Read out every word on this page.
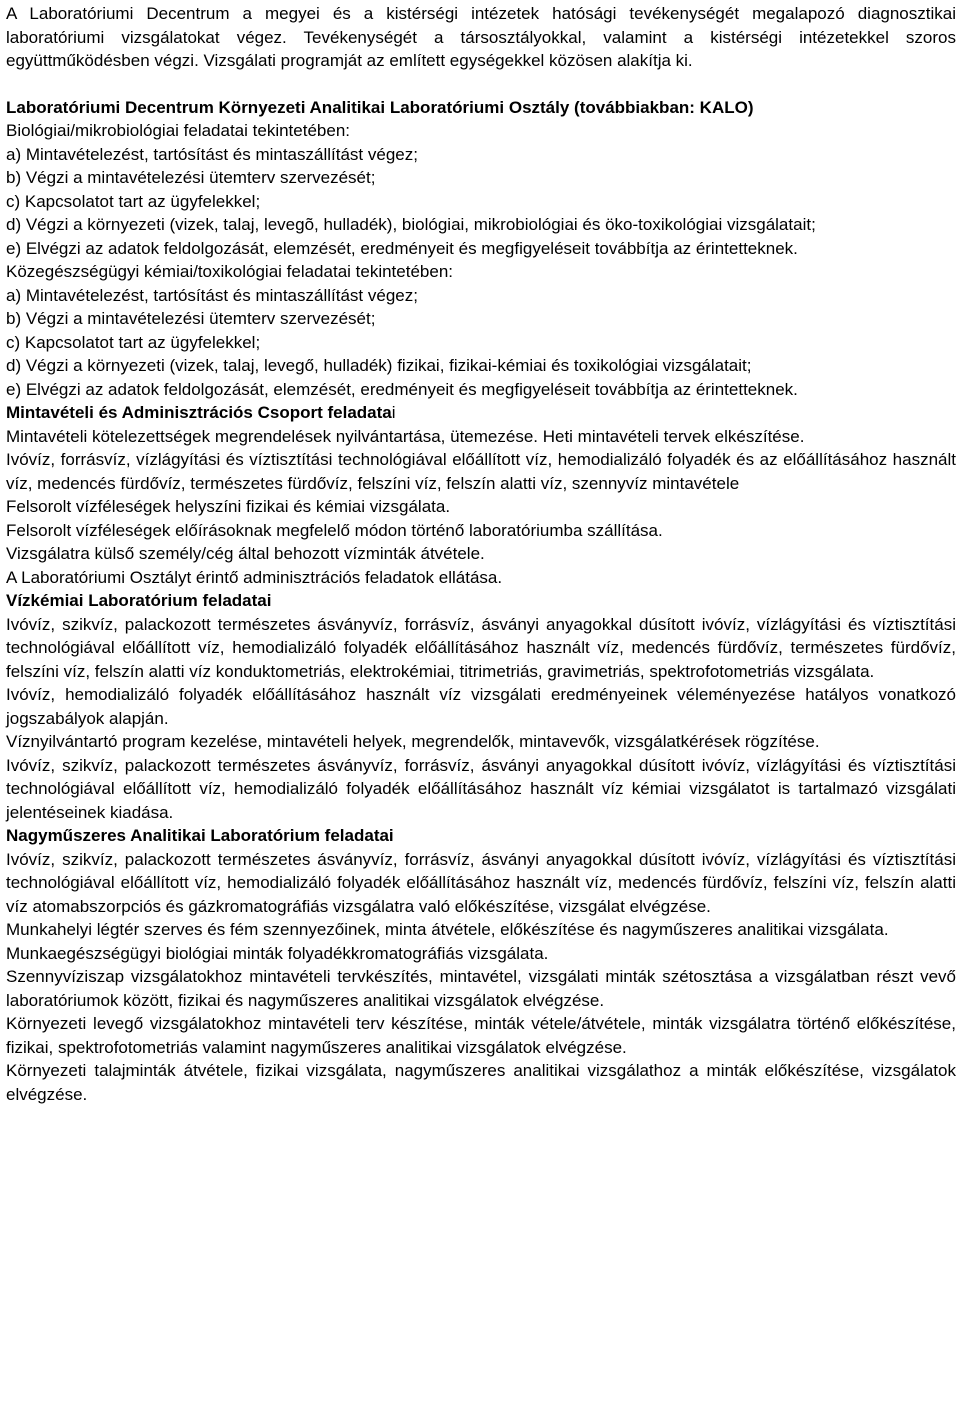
A Laboratóriumi Decentrum a megyei és a kistérségi intézetek hatósági tevékenységét megalapozó diagnosztikai laboratóriumi vizsgálatokat végez. Tevékenységét a társosztályokkal, valamint a kistérségi intézetekkel szoros együttműködésben végzi. Vizsgálati programját az említett egységekkel közösen alakítja ki.

Laboratóriumi Decentrum Környezeti Analitikai Laboratóriumi Osztály (továbbiakban: KALO)

Biológiai/mikrobiológiai feladatai tekintetében:

a) Mintavételezést, tartósítást és mintaszállítást végez;

b) Végzi a mintavételezési ütemterv szervezését;

c) Kapcsolatot tart az ügyfelekkel;

d) Végzi a környezeti (vizek, talaj, levegõ, hulladék), biológiai, mikrobiológiai és öko-toxikológiai vizsgálatait;

e) Elvégzi az adatok feldolgozását, elemzését, eredményeit és megfigyeléseit továbbítja az érintetteknek.

Közegészségügyi kémiai/toxikológiai feladatai tekintetében:

a) Mintavételezést, tartósítást és mintaszállítást végez;

b) Végzi a mintavételezési ütemterv szervezését;

c) Kapcsolatot tart az ügyfelekkel;

d) Végzi a környezeti (vizek, talaj, levegő, hulladék) fizikai, fizikai-kémiai és toxikológiai vizsgálatait;

e) Elvégzi az adatok feldolgozását, elemzését, eredményeit és megfigyeléseit továbbítja az érintetteknek.

Mintavételi és Adminisztrációs Csoport feladatai

Mintavételi kötelezettségek megrendelések nyilvántartása, ütemezése. Heti mintavételi tervek elkészítése.

Ivóvíz, forrásvíz, vízlágyítási és víztisztítási technológiával előállított víz, hemodializáló folyadék és az előállításához használt víz, medencés fürdővíz, természetes fürdővíz, felszíni víz, felszín alatti víz, szennyvíz mintavétele

Felsorolt vízféleségek helyszíni fizikai és kémiai vizsgálata.

Felsorolt vízféleségek előírásoknak megfelelő módon történő laboratóriumba szállítása.

Vizsgálatra külső személy/cég által behozott vízminták átvétele.

A Laboratóriumi Osztályt érintő adminisztrációs feladatok ellátása.

Vízkémiai Laboratórium feladatai

Ivóvíz, szikvíz, palackozott természetes ásványvíz, forrásvíz, ásványi anyagokkal dúsított ivóvíz, vízlágyítási és víztisztítási technológiával előállított víz, hemodializáló folyadék előállításához használt víz, medencés fürdővíz, természetes fürdővíz, felszíni víz, felszín alatti víz konduktometriás, elektrokémiai, titrimetriás, gravimetriás, spektrofotometriás vizsgálata.

Ivóvíz, hemodializáló folyadék előállításához használt víz vizsgálati eredményeinek véleményezése hatályos vonatkozó jogszabályok alapján.

Víznyilvántartó program kezelése, mintavételi helyek, megrendelők, mintavevők, vizsgálatkérések rögzítése.

Ivóvíz, szikvíz, palackozott természetes ásványvíz, forrásvíz, ásványi anyagokkal dúsított ivóvíz, vízlágyítási és víztisztítási technológiával előállított víz, hemodializáló folyadék előállításához használt víz kémiai vizsgálatot is tartalmazó vizsgálati jelentéseinek kiadása.

Nagyműszeres Analitikai Laboratórium feladatai

Ivóvíz, szikvíz, palackozott természetes ásványvíz, forrásvíz, ásványi anyagokkal dúsított ivóvíz, vízlágyítási és víztisztítási technológiával előállított víz, hemodializáló folyadék előállításához használt víz, medencés fürdővíz, felszíni víz, felszín alatti víz atomabszorpciós és gázkromatográfiás vizsgálatra való előkészítése, vizsgálat elvégzése.

Munkahelyi légtér szerves és fém szennyezőinek, minta átvétele, előkészítése és nagyműszeres analitikai vizsgálata.

Munkaegészségügyi biológiai minták folyadékkromatográfiás vizsgálata.

Szennyvíziszap vizsgálatokhoz mintavételi tervkészítés, mintavétel, vizsgálati minták szétosztása a vizsgálatban részt vevő laboratóriumok között, fizikai és nagyműszeres analitikai vizsgálatok elvégzése.

Környezeti levegő vizsgálatokhoz mintavételi terv készítése, minták vétele/átvétele, minták vizsgálatra történő előkészítése, fizikai, spektrofotometriás valamint nagyműszeres analitikai vizsgálatok elvégzése.

Környezeti talajminták átvétele, fizikai vizsgálata, nagyműszeres analitikai vizsgálathoz a minták előkészítése, vizsgálatok elvégzése.
